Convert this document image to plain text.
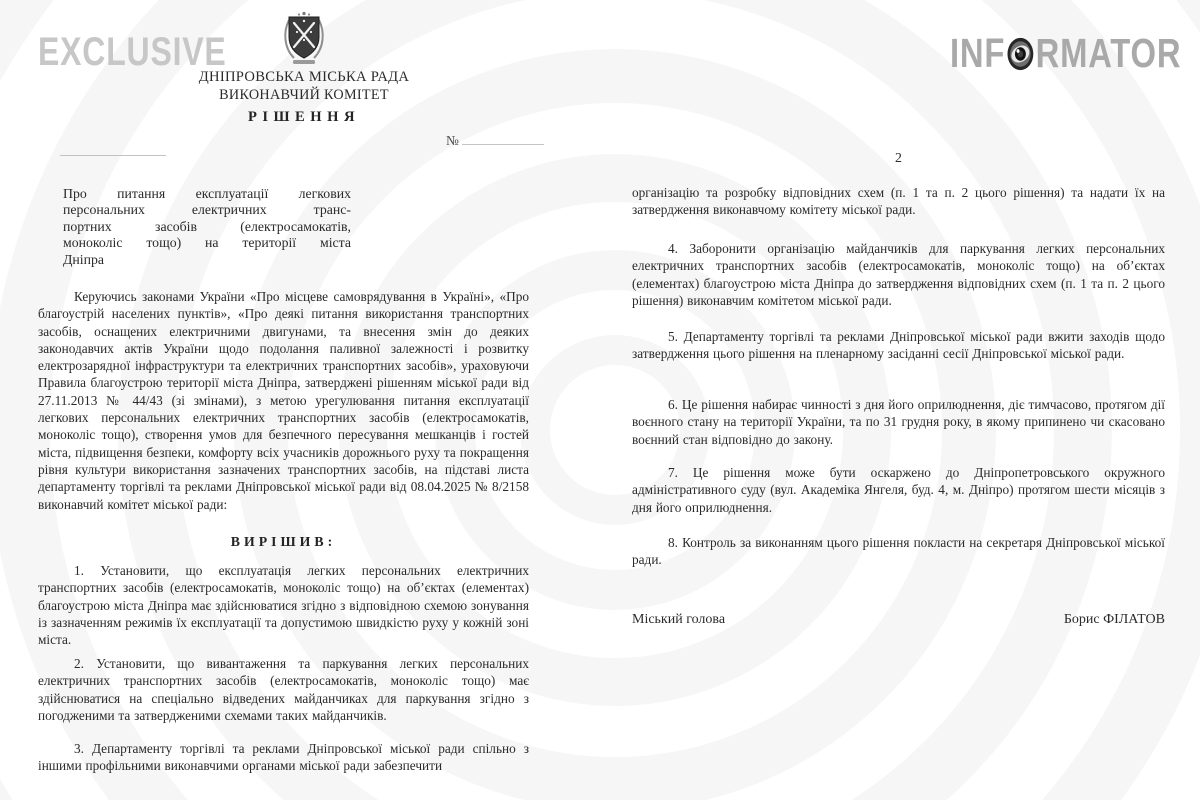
EXCLUSIVE	INF RMATOR
ДНІПРОВСЬКА МІСЬКА РАДА
ВИКОНАВЧИЙ КОМІТЕТ
РІШЕННЯ
№
Про питання експлуатації легкових
персональних електричних транс-
портних засобів (електросамокатів,
моноколіс тощо) на території міста
Дніпра
Керуючись законами України «Про місцеве самоврядування в Україні», «Про благоустрій населених пунктів», «Про деякі питання використання транспортних засобів, оснащених електричними двигунами, та внесення змін до деяких законодавчих актів України щодо подолання паливної залежності і розвитку електрозарядної інфраструктури та електричних транспортних засобів», ураховуючи Правила благоустрою території міста Дніпра, затверджені рішенням міської ради від 27.11.2013 № 44/43 (зі змінами), з метою урегулювання питання експлуатації легкових персональних електричних транспортних засобів (електросамокатів, моноколіс тощо), створення умов для безпечного пересування мешканців і гостей міста, підвищення безпеки, комфорту всіх учасників дорожнього руху та покращення рівня культури використання зазначених транспортних засобів, на підставі листа департаменту торгівлі та реклами Дніпровської міської ради від 08.04.2025 № 8/2158 виконавчий комітет міської ради:
ВИРІШИВ:
1. Установити, що експлуатація легких персональних електричних транспортних засобів (електросамокатів, моноколіс тощо) на об’єктах (елементах) благоустрою міста Дніпра має здійснюватися згідно з відповідною схемою зонування із зазначенням режимів їх експлуатації та допустимою швидкістю руху у кожній зоні міста.
2. Установити, що вивантаження та паркування легких персональних електричних транспортних засобів (електросамокатів, моноколіс тощо) має здійснюватися на спеціально відведених майданчиках для паркування згідно з погодженими та затвердженими схемами таких майданчиків.
3. Департаменту торгівлі та реклами Дніпровської міської ради спільно з іншими профільними виконавчими органами міської ради забезпечити
2
організацію та розробку відповідних схем (п. 1 та п. 2 цього рішення) та надати їх на затвердження виконавчому комітету міської ради.
4. Заборонити організацію майданчиків для паркування легких персональних електричних транспортних засобів (електросамокатів, моноколіс тощо) на об’єктах (елементах) благоустрою міста Дніпра до затвердження відповідних схем (п. 1 та п. 2 цього рішення) виконавчим комітетом міської ради.
5. Департаменту торгівлі та реклами Дніпровської міської ради вжити заходів щодо затвердження цього рішення на пленарному засіданні сесії Дніпровської міської ради.
6. Це рішення набирає чинності з дня його оприлюднення, діє тимчасово, протягом дії воєнного стану на території України, та по 31 грудня року, в якому припинено чи скасовано воєнний стан відповідно до закону.
7. Це рішення може бути оскаржено до Дніпропетровського окружного адміністративного суду (вул. Академіка Янгеля, буд. 4, м. Дніпро) протягом шести місяців з дня його оприлюднення.
8. Контроль за виконанням цього рішення покласти на секретаря Дніпровської міської ради.
Міський голова	Борис ФІЛАТОВ
